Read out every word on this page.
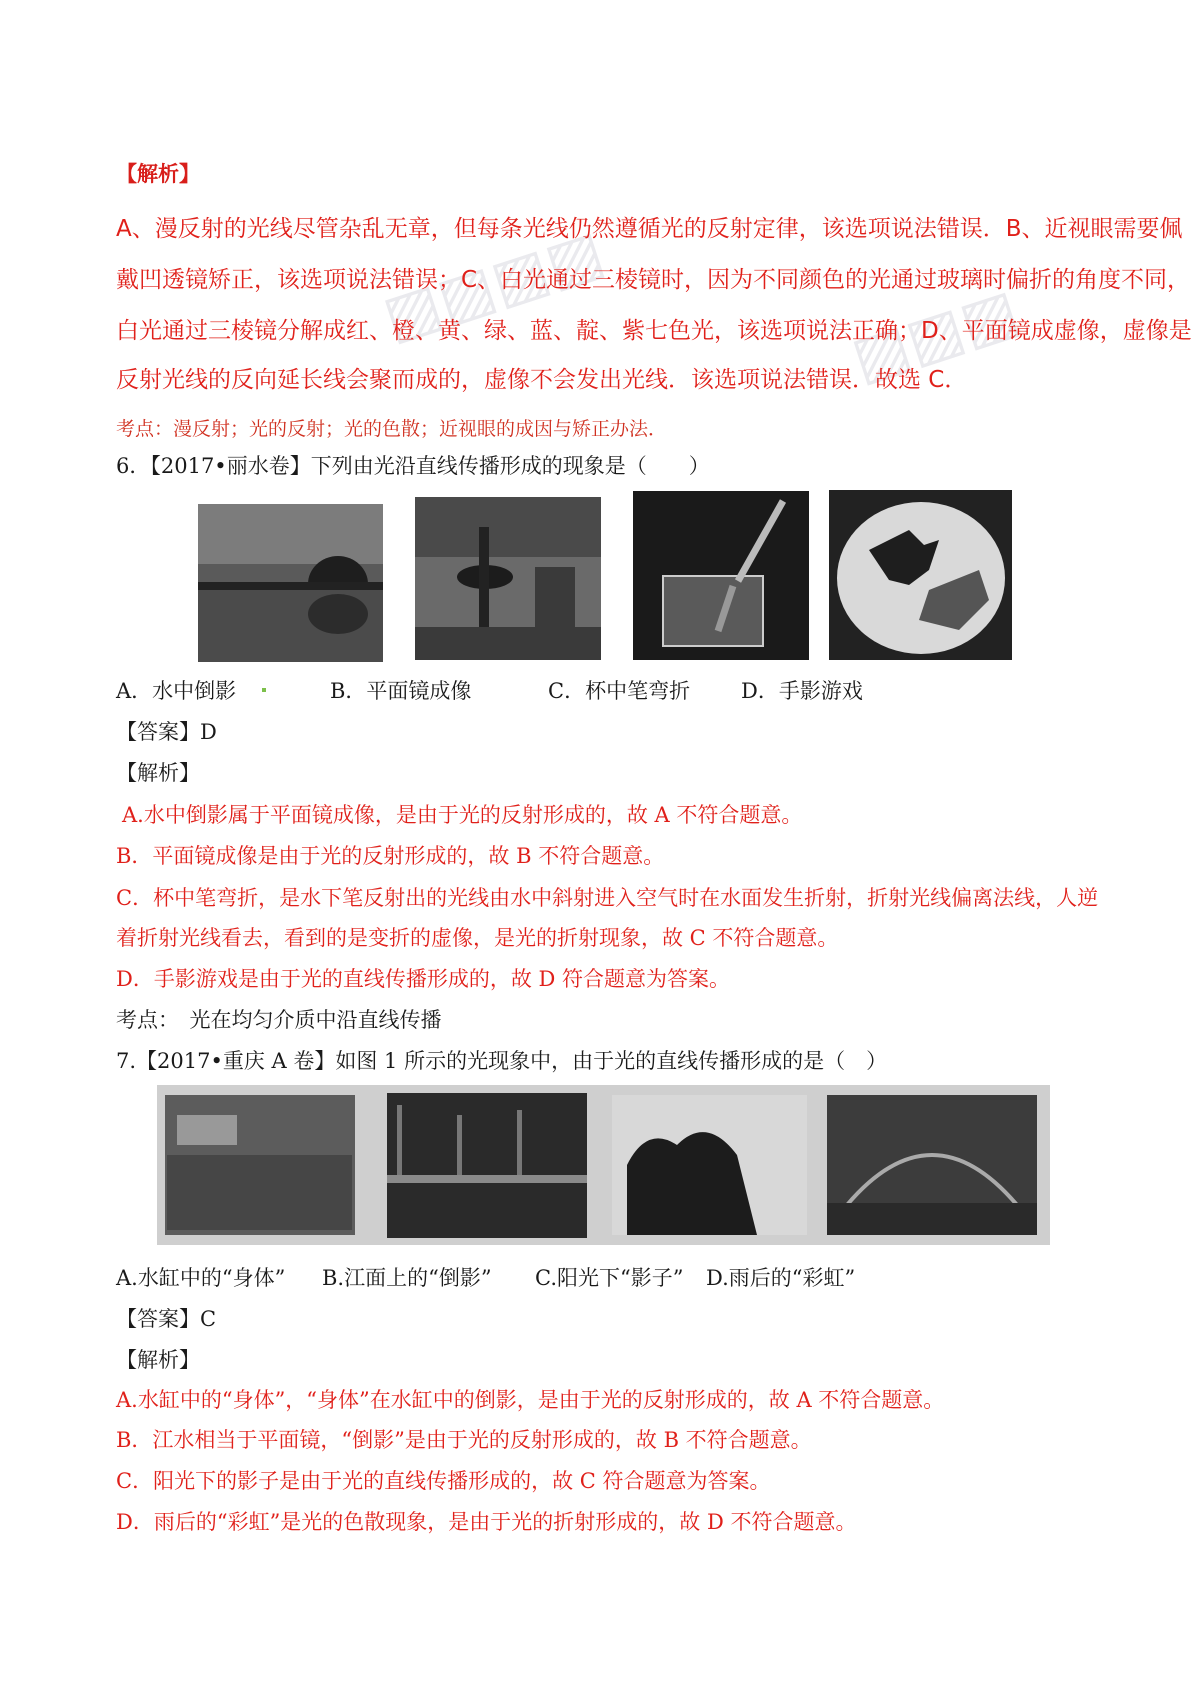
▨▨▨▨	▨▨▨
【解析】
A、漫反射的光线尽管杂乱无章，但每条光线仍然遵循光的反射定律，该选项说法错误．B、近视眼需要佩
戴凹透镜矫正，该选项说法错误；C、白光通过三棱镜时，因为不同颜色的光通过玻璃时偏折的角度不同，
白光通过三棱镜分解成红、橙、黄、绿、蓝、靛、紫七色光，该选项说法正确；D、平面镜成虚像，虚像是
反射光线的反向延长线会聚而成的，虚像不会发出光线．该选项说法错误．故选 C．
考点：漫反射；光的反射；光的色散；近视眼的成因与矫正办法．
6．【2017•丽水卷】下列由光沿直线传播形成的现象是（　　）
A．水中倒影	B．平面镜成像	C．杯中笔弯折 D．手影游戏
【答案】D
【解析】
A.水中倒影属于平面镜成像，是由于光的反射形成的，故 A 不符合题意。
B．平面镜成像是由于光的反射形成的，故 B 不符合题意。
C．杯中笔弯折，是水下笔反射出的光线由水中斜射进入空气时在水面发生折射，折射光线偏离法线，人逆
着折射光线看去，看到的是变折的虚像，是光的折射现象，故 C 不符合题意。
D．手影游戏是由于光的直线传播形成的，故 D 符合题意为答案。
考点：　光在均匀介质中沿直线传播
7.【2017•重庆 A 卷】如图 1 所示的光现象中，由于光的直线传播形成的是（　）
A.水缸中的“身体” B.江面上的“倒影” C.阳光下“影子” D.雨后的“彩虹”
【答案】C
【解析】
A.水缸中的“身体”，“身体”在水缸中的倒影，是由于光的反射形成的，故 A 不符合题意。
B．江水相当于平面镜，“倒影”是由于光的反射形成的，故 B 不符合题意。
C．阳光下的影子是由于光的直线传播形成的，故 C 符合题意为答案。
D．雨后的“彩虹”是光的色散现象，是由于光的折射形成的，故 D 不符合题意。
